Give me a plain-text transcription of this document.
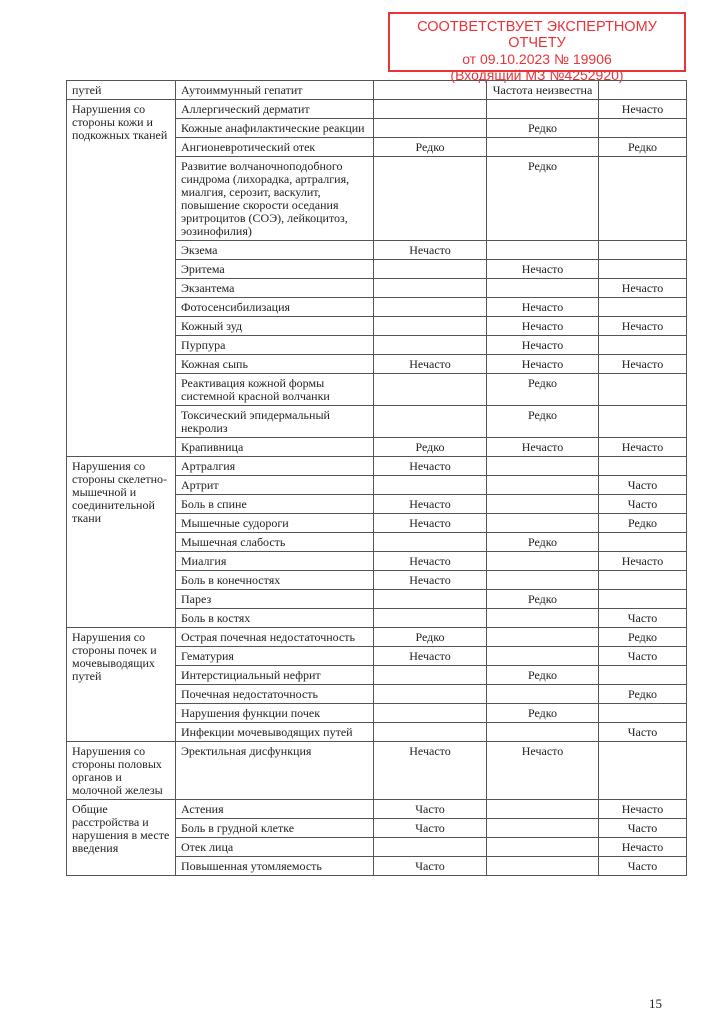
СООТВЕТСТВУЕТ ЭКСПЕРТНОМУ ОТЧЕТУ
от 09.10.2023 № 19906
(Входящий МЗ №4252920)
путей	Аутоиммунный гепатит		Частота неизвестна	
Нарушения со стороны кожи и подкожных тканей	Аллергический дерматит			Нечасто
	Кожные анафилактические реакции		Редко	
	Ангионевротический отек	Редко		Редко
	Развитие волчаночноподобного синдрома (лихорадка, артралгия, миалгия, серозит, васкулит, повышение скорости оседания эритроцитов (СОЭ), лейкоцитоз, эозинофилия)		Редко	
	Экзема	Нечасто		
	Эритема		Нечасто	
	Экзантема			Нечасто
	Фотосенсибилизация		Нечасто	
	Кожный зуд		Нечасто	Нечасто
	Пурпура		Нечасто	
	Кожная сыпь	Нечасто	Нечасто	Нечасто
	Реактивация кожной формы системной красной волчанки		Редко	
	Токсический эпидермальный некролиз		Редко	
	Крапивница	Редко	Нечасто	Нечасто
Нарушения со стороны скелетно-мышечной и соединительной ткани	Артралгия	Нечасто		
	Артрит			Часто
	Боль в спине	Нечасто		Часто
	Мышечные судороги	Нечасто		Редко
	Мышечная слабость		Редко	
	Миалгия	Нечасто		Нечасто
	Боль в конечностях	Нечасто		
	Парез		Редко	
	Боль в костях			Часто
Нарушения со стороны почек и мочевыводящих путей	Острая почечная недостаточность	Редко		Редко
	Гематурия	Нечасто		Часто
	Интерстициальный нефрит		Редко	
	Почечная недостаточность			Редко
	Нарушения функции почек		Редко	
	Инфекции мочевыводящих путей			Часто
Нарушения со стороны половых органов и молочной железы	Эректильная дисфункция	Нечасто	Нечасто	
Общие расстройства и нарушения в месте введения	Астения	Часто		Нечасто
	Боль в грудной клетке	Часто		Часто
	Отек лица			Нечасто
	Повышенная утомляемость	Часто		Часто
15
